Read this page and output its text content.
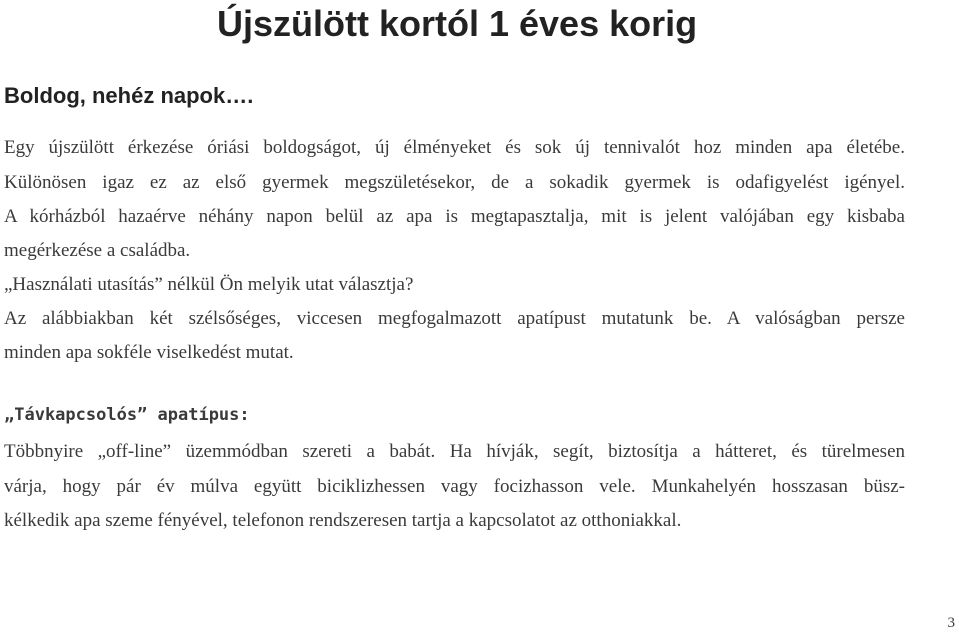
Újszülött kortól 1 éves korig
Boldog, nehéz napok….

Egy újszülött érkezése óriási boldogságot, új élményeket és sok új tennivalót hoz minden apa életébe.

Különösen igaz ez az első gyermek megszületésekor, de a sokadik gyermek is odafigyelést igényel.

A kórházból hazaérve néhány napon belül az apa is megtapasztalja, mit is jelent valójában egy kisbaba

megérkezése a családba.

„Használati utasítás” nélkül Ön melyik utat választja?

Az alábbiakban két szélsőséges, viccesen megfogalmazott apatípust mutatunk be. A valóságban persze

minden apa sokféle viselkedést mutat.

„Távkapcsolós” apatípus:

Többnyire „off-line” üzemmódban szereti a babát. Ha hívják, segít, biztosítja a hátteret, és türelmesen

várja, hogy pár év múlva együtt biciklizhessen vagy focizhasson vele. Munkahelyén hosszasan büsz-

kélkedik apa szeme fényével, telefonon rendszeresen tartja a kapcsolatot az otthoniakkal.

3
